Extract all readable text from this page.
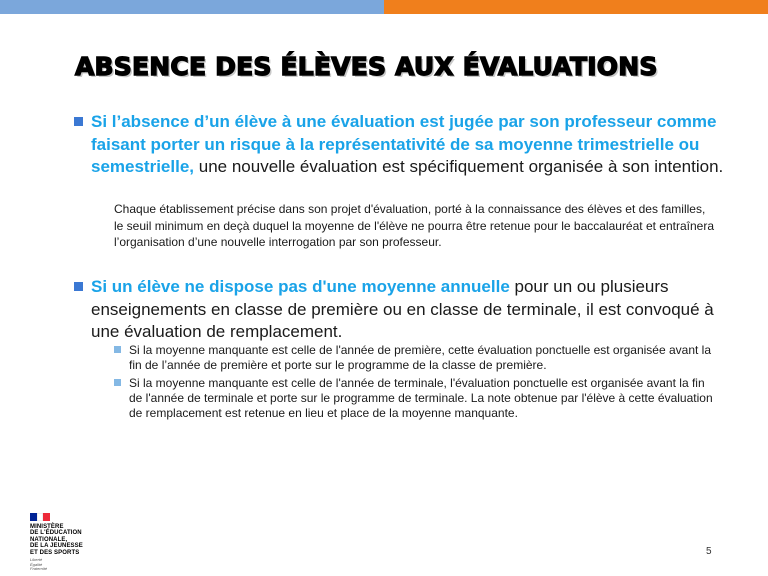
ABSENCE DES ÉLÈVES AUX ÉVALUATIONS
Si l’absence d’un élève à une évaluation est jugée par son professeur comme faisant porter un risque à la représentativité de sa moyenne trimestrielle ou semestrielle, une nouvelle évaluation est spécifiquement organisée à son intention.
Chaque établissement précise dans son projet d'évaluation, porté à la connaissance des élèves et des familles, le seuil minimum en deçà duquel la moyenne de l'élève ne pourra être retenue pour le baccalauréat et entraînera l’organisation d’une nouvelle interrogation par son professeur.
Si un élève ne dispose pas d'une moyenne annuelle pour un ou plusieurs enseignements en classe de première ou en classe de terminale, il est convoqué à une évaluation de remplacement.
Si la moyenne manquante est celle de l'année de première, cette évaluation ponctuelle est organisée avant la fin de l’année de première et porte sur le programme de la classe de première.
Si la moyenne manquante est celle de l'année de terminale, l'évaluation ponctuelle est organisée avant la fin de l'année de terminale et porte sur le programme de terminale. La note obtenue par l'élève à cette évaluation de remplacement est retenue en lieu et place de la moyenne manquante.
MINISTÈRE
DE L'ÉDUCATION
NATIONALE,
DE LA JEUNESSE
ET DES SPORTS
Liberté
Égalité
Fraternité
5
